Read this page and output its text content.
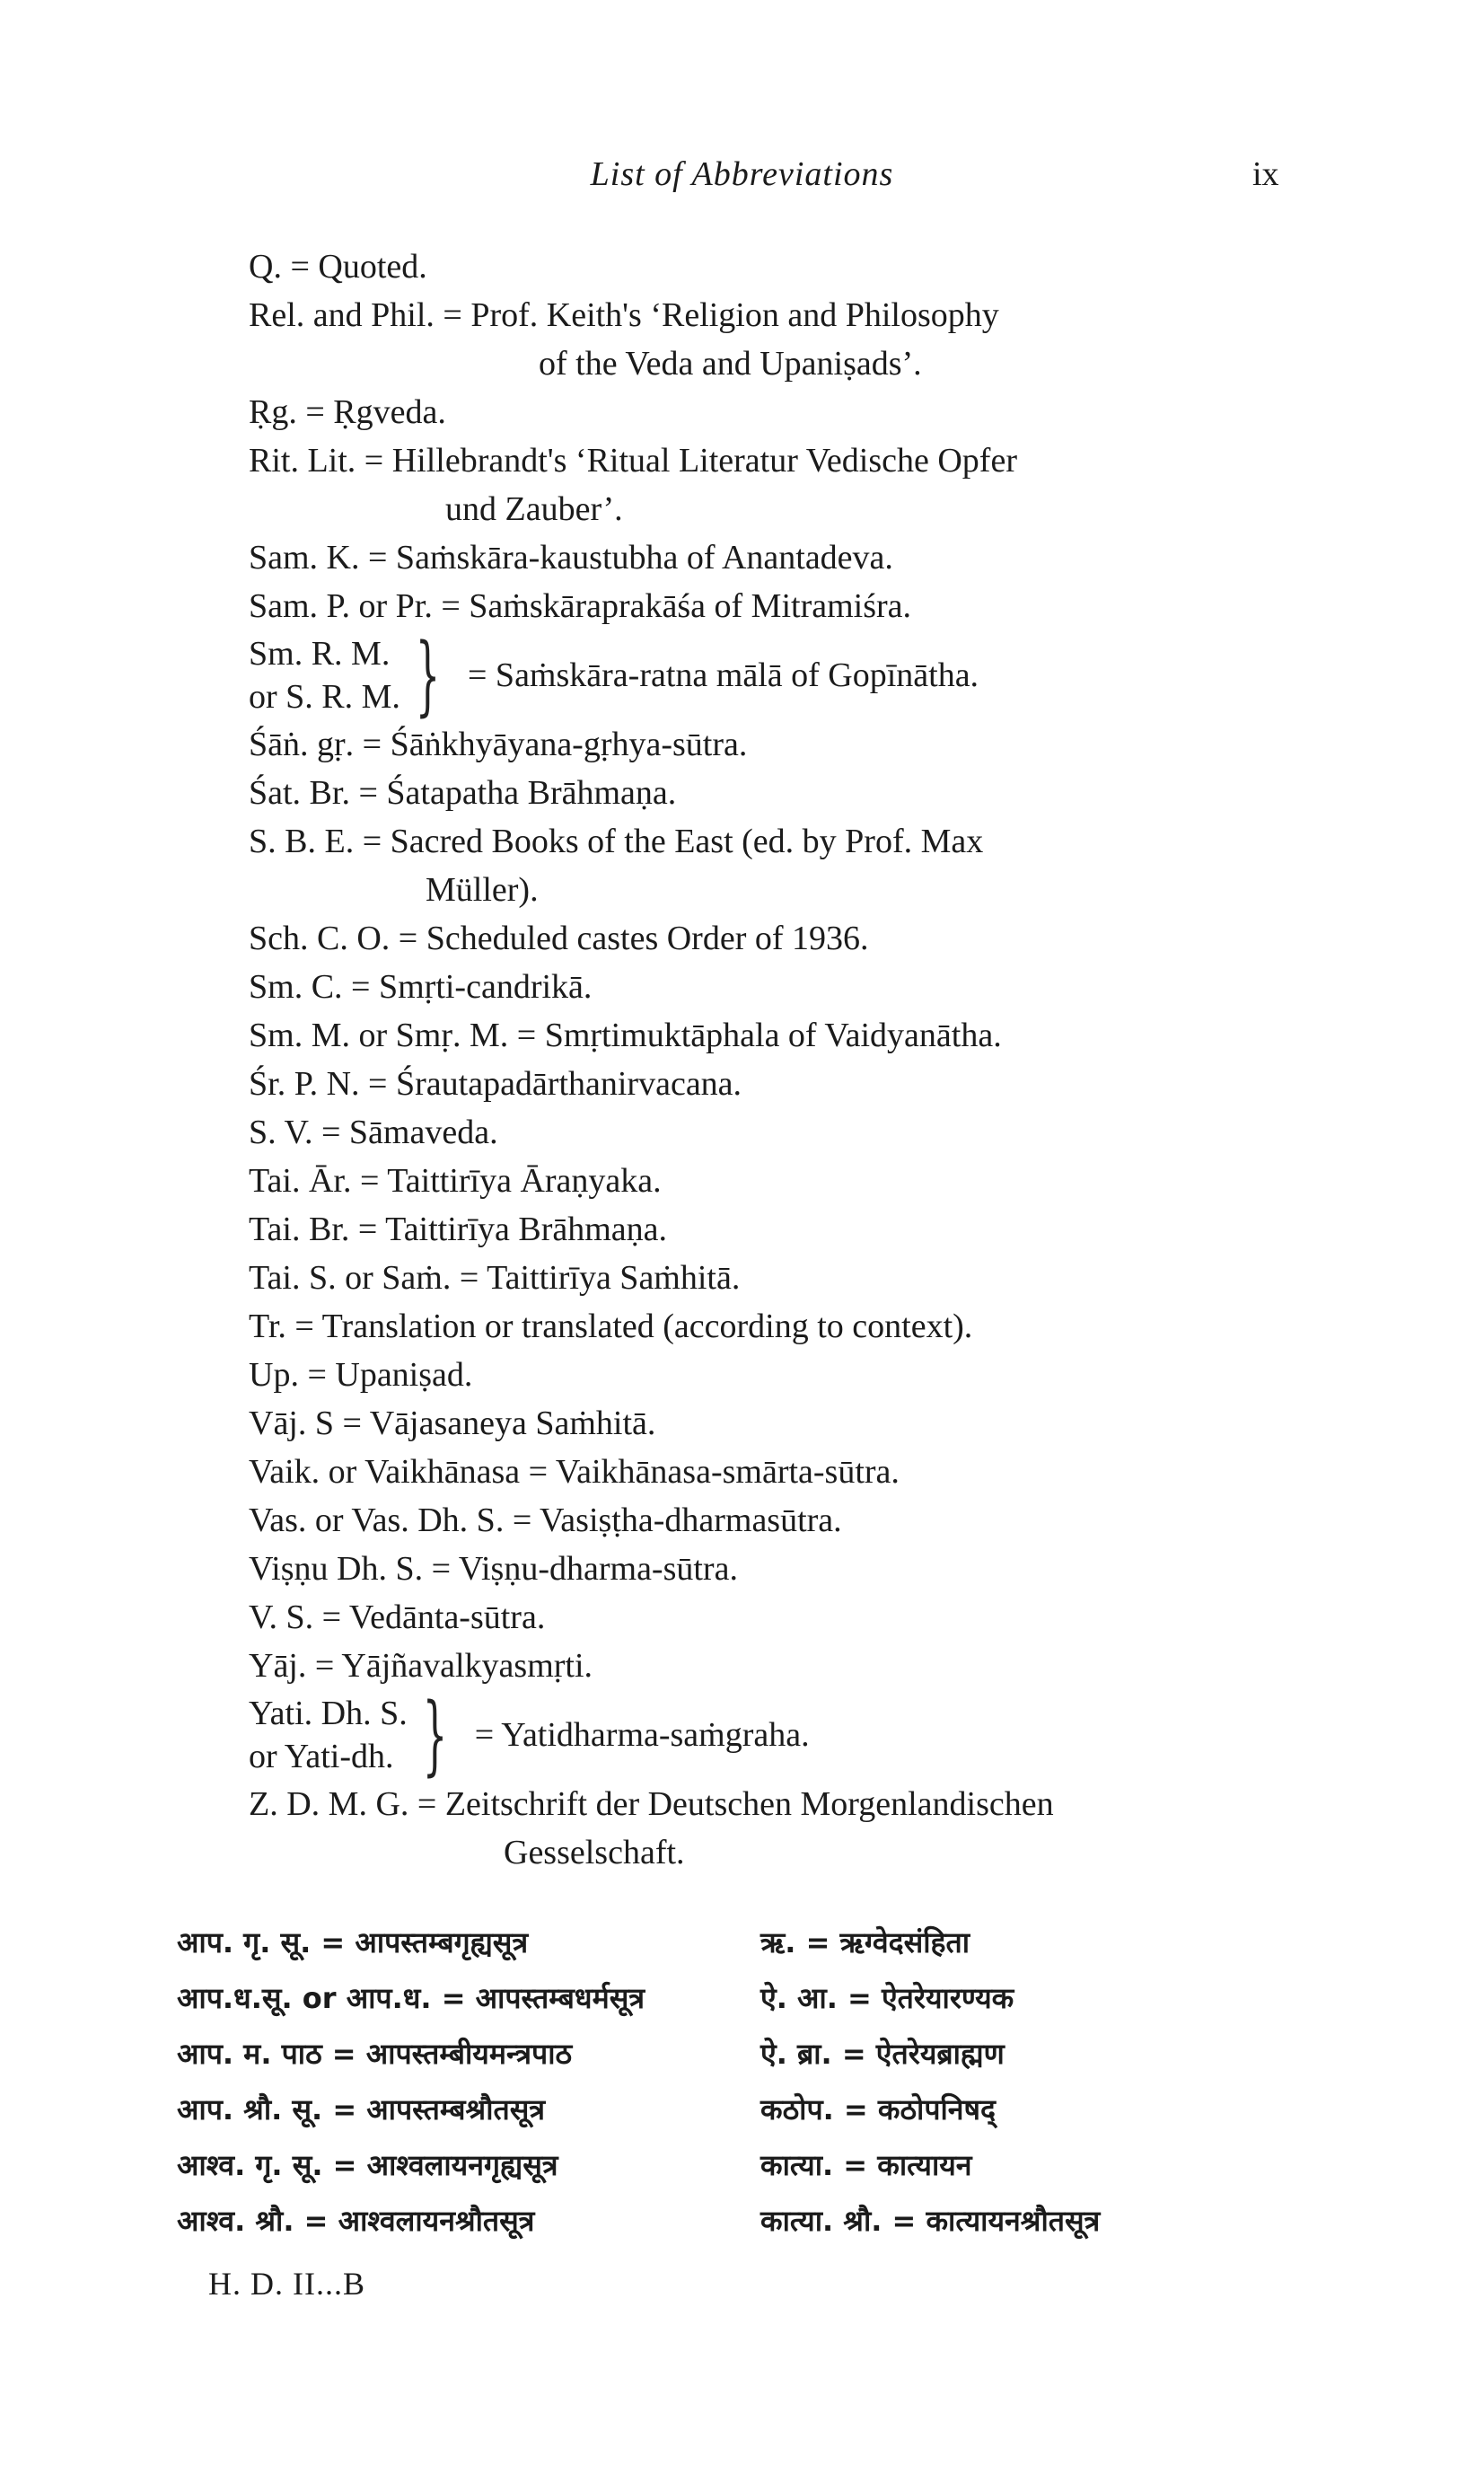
List of Abbreviations	ix
Q. = Quoted.
Rel. and Phil. = Prof. Keith's ‘Religion and Philosophy
of the Veda and Upaniṣads’.
Ṛg. = Ṛgveda.
Rit. Lit. = Hillebrandt's ‘Ritual Literatur Vedische Opfer
und Zauber’.
Sam. K. = Saṁskāra-kaustubha of Anantadeva.
Sam. P. or Pr. = Saṁskāraprakāśa of Mitramiśra.
Sm. R. M.
or S. R. M. } = Saṁskāra-ratna mālā of Gopīnātha.
Śāṅ. gṛ. = Śāṅkhyāyana-gṛhya-sūtra.
Śat. Br. = Śatapatha Brāhmaṇa.
S. B. E. = Sacred Books of the East (ed. by Prof. Max
Müller).
Sch. C. O. = Scheduled castes Order of 1936.
Sm. C. = Smṛti-candrikā.
Sm. M. or Smṛ. M. = Smṛtimuktāphala of Vaidyanātha.
Śr. P. N. = Śrautapadārthanirvacana.
S. V. = Sāmaveda.
Tai. Ār. = Taittirīya Āraṇyaka.
Tai. Br. = Taittirīya Brāhmaṇa.
Tai. S. or Saṁ. = Taittirīya Saṁhitā.
Tr. = Translation or translated (according to context).
Up. = Upaniṣad.
Vāj. S = Vājasaneya Saṁhitā.
Vaik. or Vaikhānasa = Vaikhānasa-smārta-sūtra.
Vas. or Vas. Dh. S. = Vasiṣṭha-dharmasūtra.
Viṣṇu Dh. S. = Viṣṇu-dharma-sūtra.
V. S. = Vedānta-sūtra.
Yāj. = Yājñavalkyasmṛti.
Yati. Dh. S.
or Yati-dh. } = Yatidharma-saṁgraha.
Z. D. M. G. = Zeitschrift der Deutschen Morgenlandischen
Gesselschaft.
आप. गृ. सू. = आपस्तम्बगृह्यसूत्र	ऋ. = ऋग्वेदसंहिता
आप.ध.सू. or आप.ध. = आपस्तम्बधर्मसूत्र	ऐ. आ. = ऐतरेयारण्यक
आप. म. पाठ = आपस्तम्बीयमन्त्रपाठ	ऐ. ब्रा. = ऐतरेयब्राह्मण
आप. श्रौ. सू. = आपस्तम्बश्रौतसूत्र	कठोप. = कठोपनिषद्
आश्व. गृ. सू. = आश्वलायनगृह्यसूत्र	कात्या. = कात्यायन
आश्व. श्रौ. = आश्वलायनश्रौतसूत्र	कात्या. श्रौ. = कात्यायनश्रौतसूत्र
H. D. II...B
